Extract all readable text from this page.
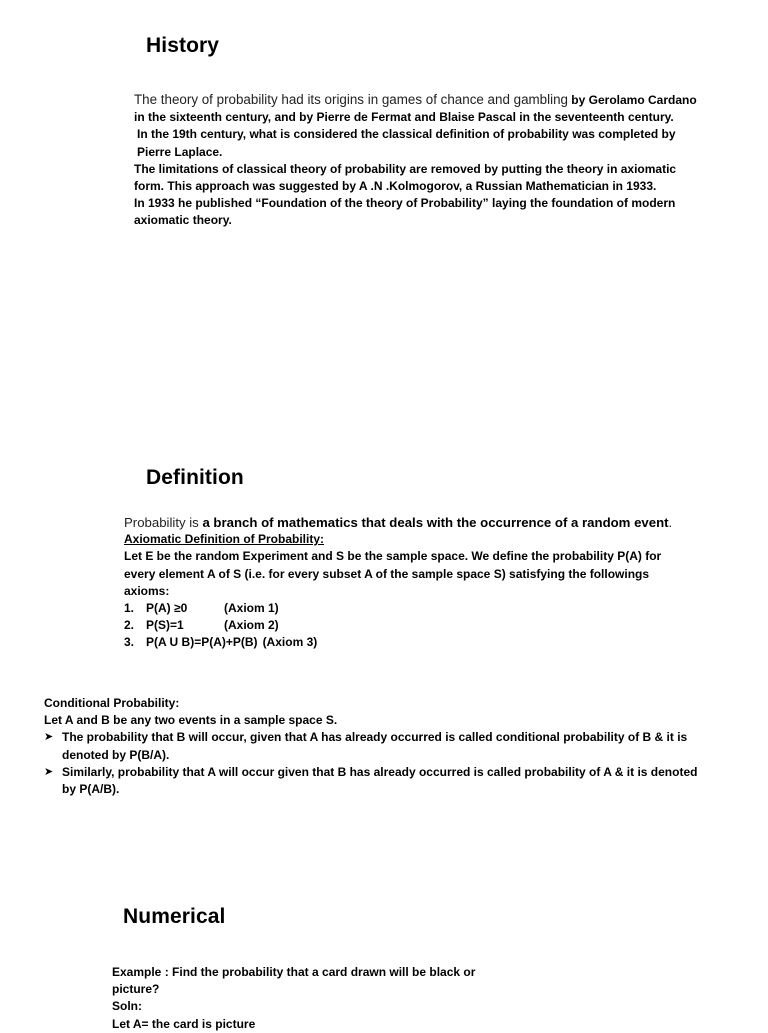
History
The theory of probability had its origins in games of chance and gambling by Gerolamo Cardano in the sixteenth century, and by Pierre de Fermat and Blaise Pascal in the seventeenth century.
In the 19th century, what is considered the classical definition of probability was completed by Pierre Laplace.
The limitations of classical theory of probability are removed by putting the theory in axiomatic form. This approach was suggested by A .N .Kolmogorov, a Russian Mathematician in 1933.
In 1933 he published “Foundation of the theory of Probability” laying the foundation of modern axiomatic theory.
Definition
Probability is a branch of mathematics that deals with the occurrence of a random event.
Axiomatic Definition of Probability:
Let E be the random Experiment and S be the sample space. We define the probability P(A) for every element A of S (i.e. for every subset A of the sample space S) satisfying the followings axioms:
1. P(A) ≥0	(Axiom 1)
2. P(S)=1	(Axiom 2)
3. P(A U B)=P(A)+P(B) (Axiom 3)
Conditional Probability:
Let A and B be any two events in a sample space S.
➤ The probability that B will occur, given that A has already occurred is called conditional probability of B & it is denoted by P(B/A).
➤ Similarly, probability that A will occur given that B has already occurred is called probability of A & it is denoted by P(A/B).
Numerical
Example : Find the probability that a card drawn will be black or picture?
Soln:
Let A= the card is picture
